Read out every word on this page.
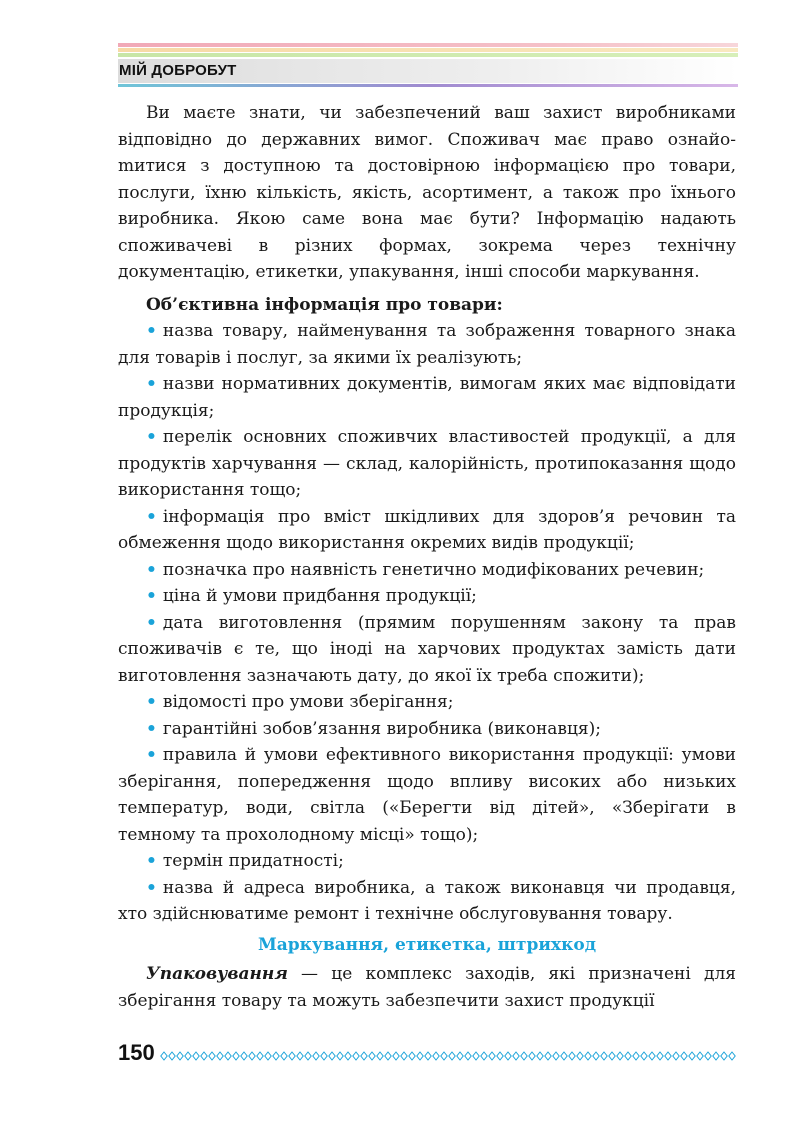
МІЙ ДОБРОБУТ

Ви маєте знати, чи забезпечений ваш захист виробниками відповідно до державних вимог. Споживач має право ознайоmитися з доступною та достовірною інформацією про товари, послуги, їхню кількість, якість, асортимент, а також про їхнього виробника. Якою саме вона має бути? Інформацію надають споживачеві в різних формах, зокрема через технічну документацію, етикетки, упакування, інші способи маркування.

Об’єктивна інформація про товари:

• назва товару, найменування та зображення товарного знака для товарів і послуг, за якими їх реалізують;
• назви нормативних документів, вимогам яких має відповідати продукція;
• перелік основних споживчих властивостей продукції, а для продуктів харчування — склад, калорійність, протипоказання щодо використання тощо;
• інформація про вміст шкідливих для здоров’я речовин та обмеження щодо використання окремих видів продукції;
• позначка про наявність генетично модифікованих речевин;
• ціна й умови придбання продукції;
• дата виготовлення (прямим порушенням закону та прав споживачів є те, що іноді на харчових продуктах замість дати виготовлення зазначають дату, до якої їх треба спожити);
• відомості про умови зберігання;
• гарантійні зобов’язання виробника (виконавця);
• правила й умови ефективного використання продукції: умови зберігання, попередження щодо впливу високих або низьких температур, води, світла («Берегти від дітей», «Зберігати в темному та прохолодному місці» тощо);
• термін придатності;
• назва й адреса виробника, а також виконавця чи продавця, хто здійснюватиме ремонт і технічне обслуговування товару.

Маркування, етикетка, штрихкод

Упаковування — це комплекс заходів, які призначені для зберігання товару та можуть забезпечити захист продукції

150
